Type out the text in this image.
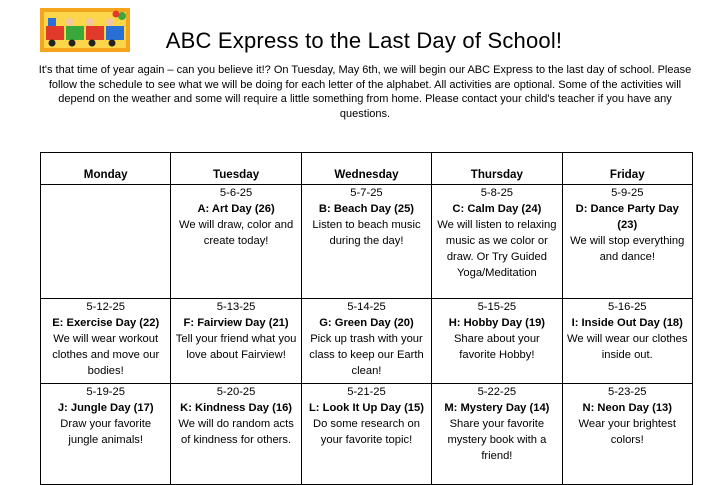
ABC Express to the Last Day of School!
It's that time of year again – can you believe it!? On Tuesday, May 6th, we will begin our ABC Express to the last day of school. Please follow the schedule to see what we will be doing for each letter of the alphabet. All activities are optional. Some of the activities will depend on the weather and some will require a little something from home. Please contact your child's teacher if you have any questions.
Monday	Tuesday	Wednesday	Thursday	Friday

	5-6-25
A: Art Day (26)
We will draw, color and create today!	5-7-25
B: Beach Day (25)
Listen to beach music during the day!	5-8-25
C: Calm Day (24)
We will listen to relaxing music as we color or draw. Or Try Guided Yoga/Meditation	5-9-25
D: Dance Party Day (23)
We will stop everything and dance!

5-12-25
E: Exercise Day (22)
We will wear workout clothes and move our bodies!	5-13-25
F: Fairview Day (21)
Tell your friend what you love about Fairview!	5-14-25
G: Green Day (20)
Pick up trash with your class to keep our Earth clean!	5-15-25
H: Hobby Day (19)
Share about your favorite Hobby!	5-16-25
I: Inside Out Day (18)
We will wear our clothes inside out.

5-19-25
J: Jungle Day (17)
Draw your favorite jungle animals!	5-20-25
K: Kindness Day (16)
We will do random acts of kindness for others.	5-21-25
L: Look It Up Day (15)
Do some research on your favorite topic!	5-22-25
M: Mystery Day (14)
Share your favorite mystery book with a friend!	5-23-25
N: Neon Day (13)
Wear your brightest colors!
